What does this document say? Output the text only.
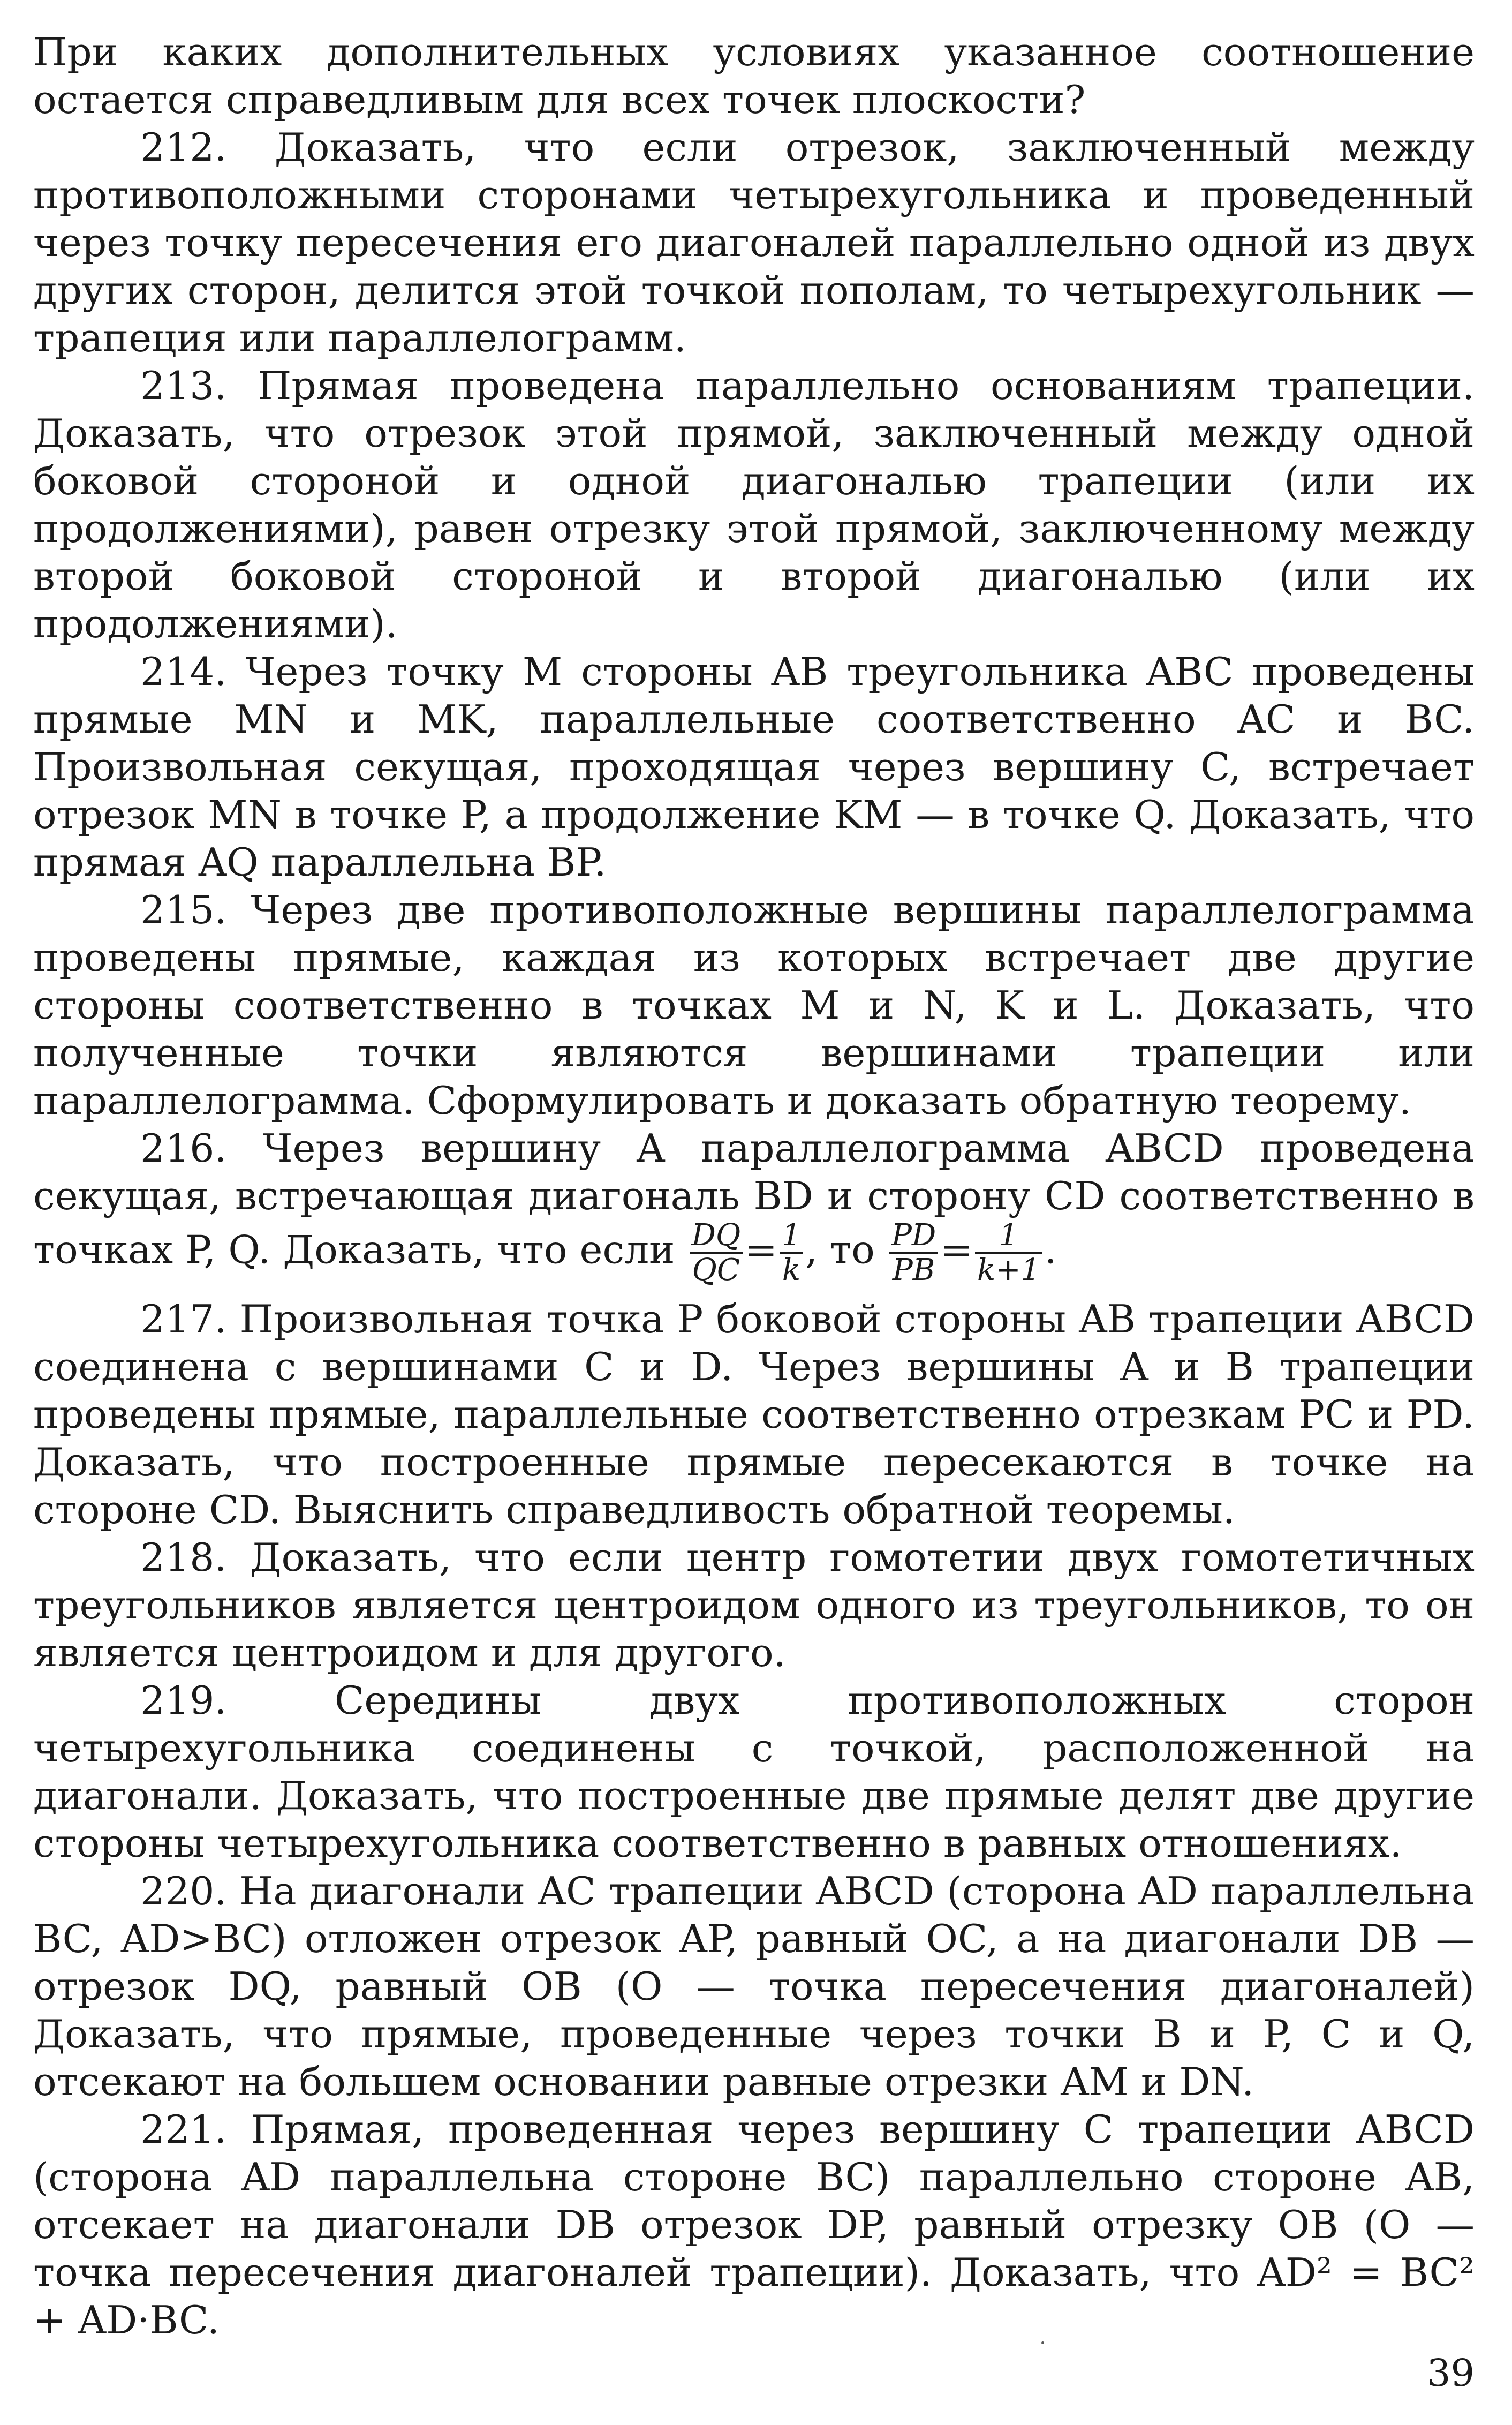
При каких дополнительных условиях указанное соотношение остается справедливым для всех точек плоскости?

212. Доказать, что если отрезок, заключенный между противоположными сторонами четырехугольника и проведенный через точку пересечения его диагоналей параллельно одной из двух других сторон, делится этой точкой пополам, то четырехугольник — трапеция или параллелограмм.

213. Прямая проведена параллельно основаниям трапеции. Доказать, что отрезок этой прямой, заключенный между одной боковой стороной и одной диагональю трапеции (или их продолжениями), равен отрезку этой прямой, заключенному между второй боковой стороной и второй диагональю (или их продолжениями).

214. Через точку M стороны AB треугольника ABC проведены прямые MN и MK, параллельные соответственно AC и BC. Произвольная секущая, проходящая через вершину C, встречает отрезок MN в точке P, а продолжение KM — в точке Q. Доказать, что прямая AQ параллельна BP.

215. Через две противоположные вершины параллелограмма проведены прямые, каждая из которых встречает две другие стороны соответственно в точках M и N, K и L. Доказать, что полученные точки являются вершинами трапеции или параллелограмма. Сформулировать и доказать обратную теорему.

216. Через вершину A параллелограмма ABCD проведена секущая, встречающая диагональ BD и сторону CD соответственно в точках P, Q. Доказать, что если $\frac{DQ}{QC} = \frac{1}{k}$ , то $\frac{PD}{PB} = \frac{1}{k+1}$ .

217. Произвольная точка P боковой стороны AB трапеции ABCD соединена с вершинами C и D. Через вершины A и B трапеции проведены прямые, параллельные соответственно отрезкам PC и PD. Доказать, что построенные прямые пересекаются в точке на стороне CD. Выяснить справедливость обратной теоремы.

218. Доказать, что если центр гомотетии двух гомотетичных треугольников является центроидом одного из треугольников, то он является центроидом и для другого.

219.	Середины двух противоположных сторон четырехугольника соединены с точкой, расположенной на диагонали. Доказать, что построенные две прямые делят две другие стороны четырехугольника соответственно в равных отношениях.

220. На диагонали AC трапеции ABCD (сторона AD параллельна BC, AD>BC) отложен отрезок AP, равный OC, а на диагонали DB — отрезок DQ, равный OB (O — точка пересечения диагоналей) Доказать, что прямые, проведенные через точки B и P, C и Q, отсекают на большем основании равные отрезки AM и DN.

221. Прямая, проведенная через вершину C трапеции ABCD (сторона AD параллельна стороне BC) параллельно стороне AB, отсекает на диагонали DB отрезок DP, равный отрезку OB (O — точка пересечения диагоналей трапеции). Доказать, что AD² = BC² + AD·BC.

39
